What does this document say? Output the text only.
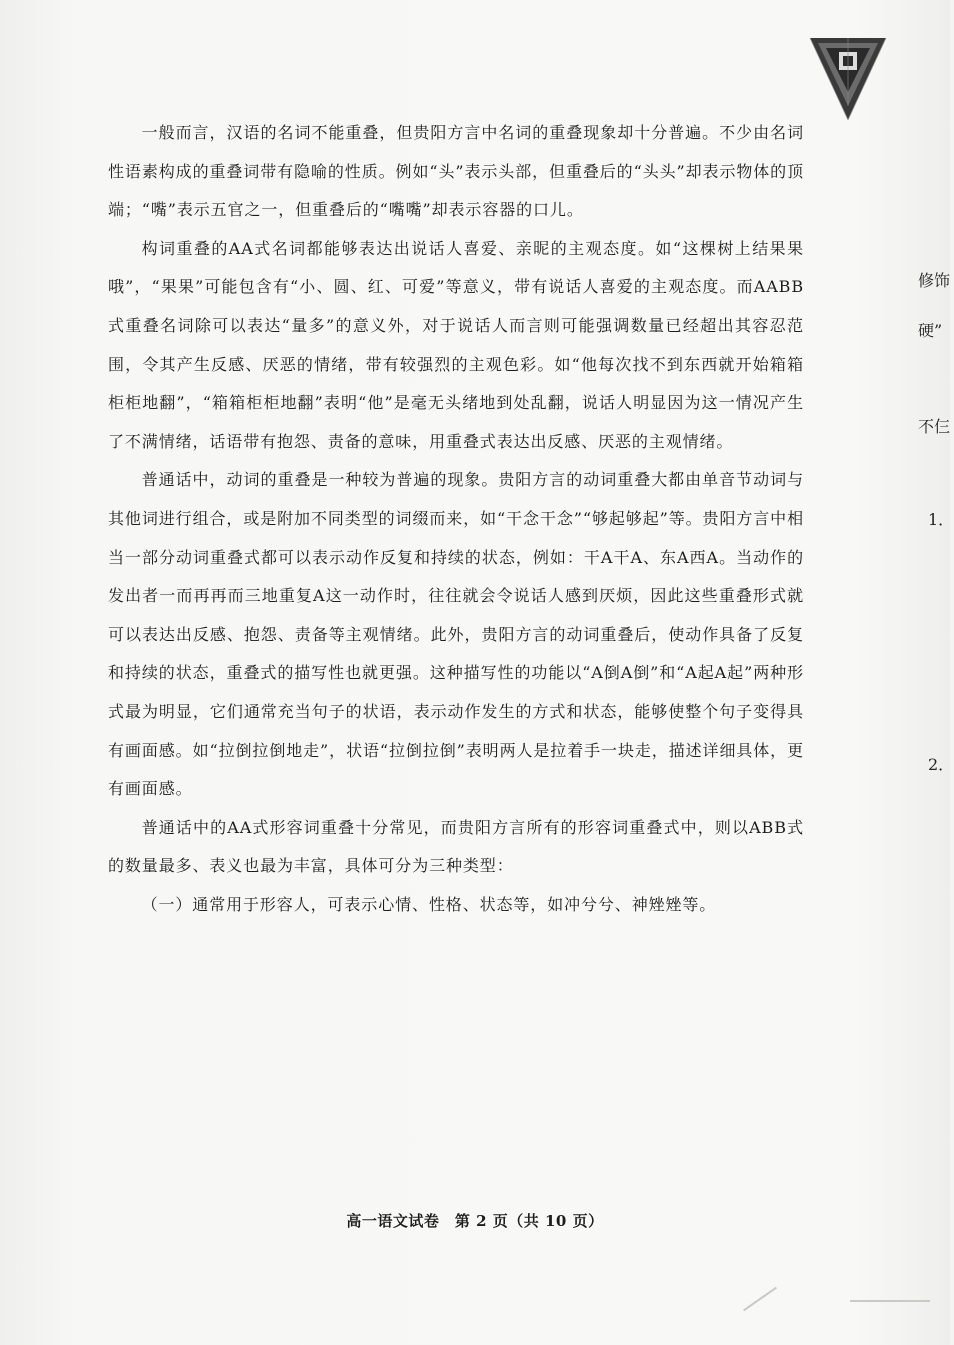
一般而言，汉语的名词不能重叠，但贵阳方言中名词的重叠现象却十分普遍。不少由名词性语素构成的重叠词带有隐喻的性质。例如“头”表示头部，但重叠后的“头头”却表示物体的顶端；“嘴”表示五官之一，但重叠后的“嘴嘴”却表示容器的口儿。

构词重叠的AA式名词都能够表达出说话人喜爱、亲昵的主观态度。如“这棵树上结果果哦”，“果果”可能包含有“小、圆、红、可爱”等意义，带有说话人喜爱的主观态度。而AABB式重叠名词除可以表达“量多”的意义外，对于说话人而言则可能强调数量已经超出其容忍范围，令其产生反感、厌恶的情绪，带有较强烈的主观色彩。如“他每次找不到东西就开始箱箱柜柜地翻”，“箱箱柜柜地翻”表明“他”是毫无头绪地到处乱翻，说话人明显因为这一情况产生了不满情绪，话语带有抱怨、责备的意味，用重叠式表达出反感、厌恶的主观情绪。

普通话中，动词的重叠是一种较为普遍的现象。贵阳方言的动词重叠大都由单音节动词与其他词进行组合，或是附加不同类型的词缀而来，如“干念干念”“够起够起”等。贵阳方言中相当一部分动词重叠式都可以表示动作反复和持续的状态，例如：干A干A、东A西A。当动作的发出者一而再再而三地重复A这一动作时，往往就会令说话人感到厌烦，因此这些重叠形式就可以表达出反感、抱怨、责备等主观情绪。此外，贵阳方言的动词重叠后，使动作具备了反复和持续的状态，重叠式的描写性也就更强。这种描写性的功能以“A倒A倒”和“A起A起”两种形式最为明显，它们通常充当句子的状语，表示动作发生的方式和状态，能够使整个句子变得具有画面感。如“拉倒拉倒地走”，状语“拉倒拉倒”表明两人是拉着手一块走，描述详细具体，更有画面感。

普通话中的AA式形容词重叠十分常见，而贵阳方言所有的形容词重叠式中，则以ABB式的数量最多、表义也最为丰富，具体可分为三种类型：

（一）通常用于形容人，可表示心情、性格、状态等，如冲兮兮、神矬矬等。

修饰
硬”
不仨
1．
2．
高一语文试卷　第 2 页（共 10 页）
